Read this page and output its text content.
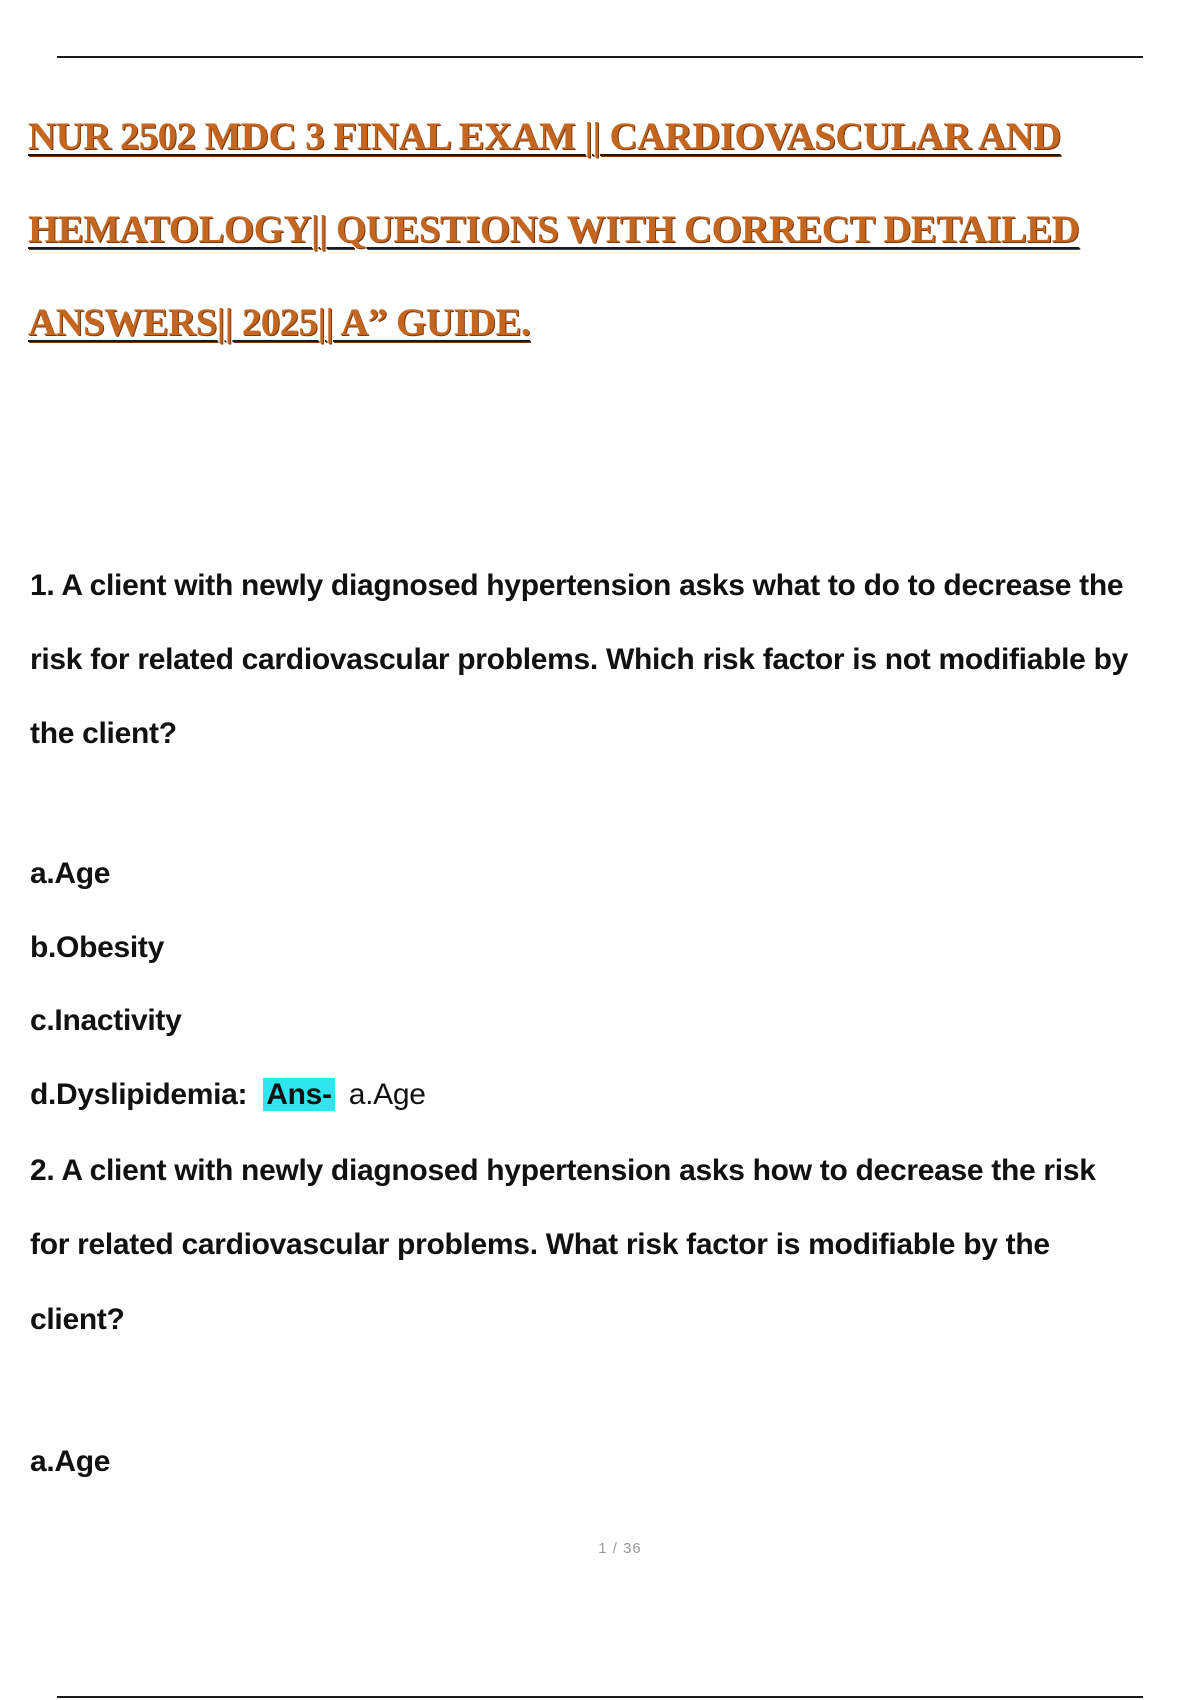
NUR 2502 MDC 3 FINAL EXAM || CARDIOVASCULAR AND
HEMATOLOGY|| QUESTIONS WITH CORRECT DETAILED
ANSWERS|| 2025|| A” GUIDE.
1. A client with newly diagnosed hypertension asks what to do to decrease the
risk for related cardiovascular problems. Which risk factor is not modifiable by
the client?
a.Age
b.Obesity
c.Inactivity
d.Dyslipidemia: Ans- a.Age
2. A client with newly diagnosed hypertension asks how to decrease the risk
for related cardiovascular problems. What risk factor is modifiable by the
client?
a.Age
1 / 36
